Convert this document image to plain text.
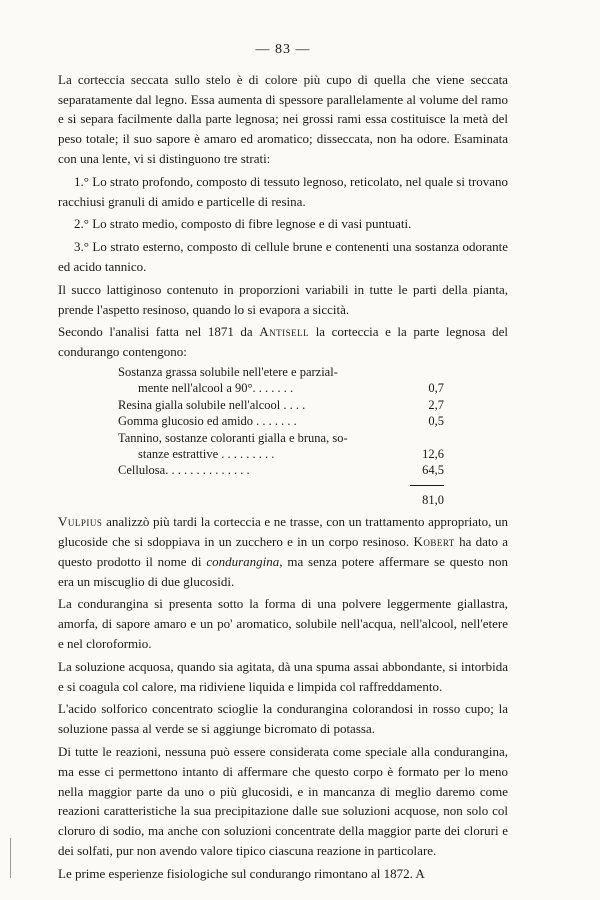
— 83 —

La corteccia seccata sullo stelo è di colore più cupo di quella che viene seccata separatamente dal legno. Essa aumenta di spessore parallelamente al volume del ramo e si separa facilmente dalla parte legnosa; nei grossi rami essa costituisce la metà del peso totale; il suo sapore è amaro ed aromatico; disseccata, non ha odore. Esaminata con una lente, vi si distinguono tre strati:

1.° Lo strato profondo, composto di tessuto legnoso, reticolato, nel quale si trovano racchiusi granuli di amido e particelle di resina.

2.° Lo strato medio, composto di fibre legnose e di vasi puntuati.

3.° Lo strato esterno, composto di cellule brune e contenenti una sostanza odorante ed acido tannico.

Il succo lattiginoso contenuto in proporzioni variabili in tutte le parti della pianta, prende l'aspetto resinoso, quando lo si evapora a siccità.

Secondo l'analisi fatta nel 1871 da Antisell la corteccia e la parte legnosa del condurango contengono:

Sostanza grassa solubile nell'etere e parzial-
mente nell'alcool a 90°. . . . . . .	0,7
Resina gialla solubile nell'alcool . . . .	2,7
Gomma glucosio ed amido . . . . . . .	0,5
Tannino, sostanze coloranti gialla e bruna, so-
stanze estrattive . . . . . . . . .	12,6
Cellulosa. . . . . . . . . . . . . .	64,5
81,0

Vulpius analizzò più tardi la corteccia e ne trasse, con un trattamento appropriato, un glucoside che si sdoppiava in un zucchero e in un corpo resinoso. Kobert ha dato a questo prodotto il nome di condurangina, ma senza potere affermare se questo non era un miscuglio di due glucosidi.

La condurangina si presenta sotto la forma di una polvere leggermente giallastra, amorfa, di sapore amaro e un po' aromatico, solubile nell'acqua, nell'alcool, nell'etere e nel cloroformio.

La soluzione acquosa, quando sia agitata, dà una spuma assai abbondante, si intorbida e si coagula col calore, ma ridiviene liquida e limpida col raffreddamento.

L'acido solforico concentrato scioglie la condurangina colorandosi in rosso cupo; la soluzione passa al verde se si aggiunge bicromato di potassa.

Di tutte le reazioni, nessuna può essere considerata come speciale alla condurangina, ma esse ci permettono intanto di affermare che questo corpo è formato per lo meno nella maggior parte da uno o più glucosidi, e in mancanza di meglio daremo come reazioni caratteristiche la sua precipitazione dalle sue soluzioni acquose, non solo col cloruro di sodio, ma anche con soluzioni concentrate della maggior parte dei cloruri e dei solfati, pur non avendo valore tipico ciascuna reazione in particolare.

Le prime esperienze fisiologiche sul condurango rimontano al 1872. A
